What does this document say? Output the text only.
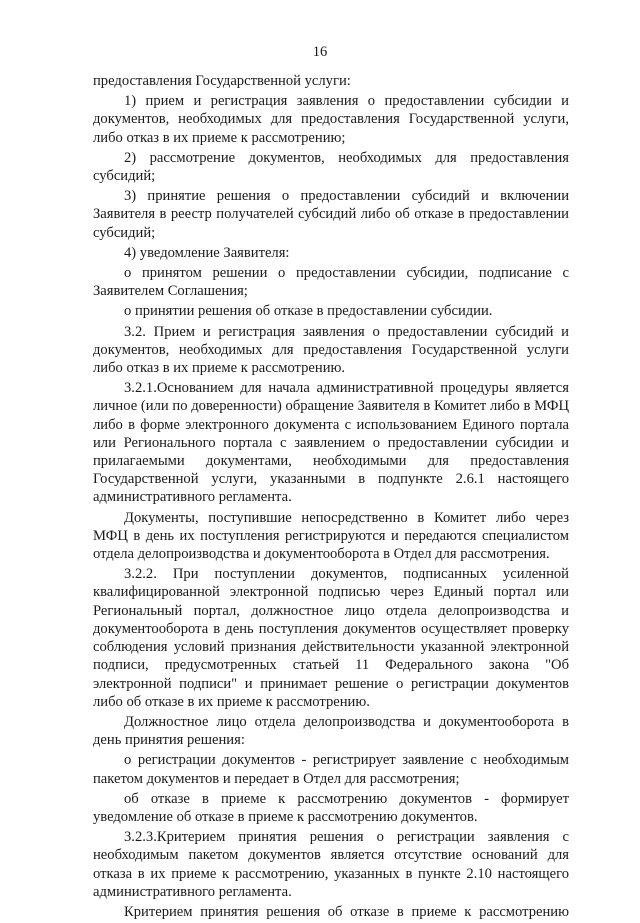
16

предоставления Государственной услуги:

1) прием и регистрация заявления о предоставлении субсидии и документов, необходимых для предоставления Государственной услуги, либо отказ в их приеме к рассмотрению;

2) рассмотрение документов, необходимых для предоставления субсидий;

3) принятие решения о предоставлении субсидий и включении Заявителя в реестр получателей субсидий либо об отказе в предоставлении субсидий;

4) уведомление Заявителя:

о принятом решении о предоставлении субсидии, подписание с Заявителем Соглашения;

о принятии решения об отказе в предоставлении субсидии.

3.2. Прием и регистрация заявления о предоставлении субсидий и документов, необходимых для предоставления Государственной услуги либо отказ в их приеме к рассмотрению.

3.2.1.Основанием для начала административной процедуры является личное (или по доверенности) обращение Заявителя в Комитет либо в МФЦ либо в форме электронного документа с использованием Единого портала или Регионального портала с заявлением о предоставлении субсидии и прилагаемыми документами, необходимыми для предоставления Государственной услуги, указанными в подпункте 2.6.1 настоящего административного регламента.

Документы, поступившие непосредственно в Комитет либо через МФЦ в день их поступления регистрируются и передаются специалистом отдела делопроизводства и документооборота в Отдел для рассмотрения.

3.2.2. При поступлении документов, подписанных усиленной квалифицированной электронной подписью через Единый портал или Региональный портал, должностное лицо отдела делопроизводства и документооборота в день поступления документов осуществляет проверку соблюдения условий признания действительности указанной электронной подписи, предусмотренных статьей 11 Федерального закона "Об электронной подписи" и принимает решение о регистрации документов либо об отказе в их приеме к рассмотрению.

Должностное лицо отдела делопроизводства и документооборота в день принятия решения:

о регистрации документов - регистрирует заявление с необходимым пакетом документов и передает в Отдел для рассмотрения;

об отказе в приеме к рассмотрению документов - формирует уведомление об отказе в приеме к рассмотрению документов.

3.2.3.Критерием принятия решения о регистрации заявления с необходимым пакетом документов является отсутствие оснований для отказа в их приеме к рассмотрению, указанных в пункте 2.10 настоящего административного регламента.

Критерием принятия решения об отказе в приеме к рассмотрению
